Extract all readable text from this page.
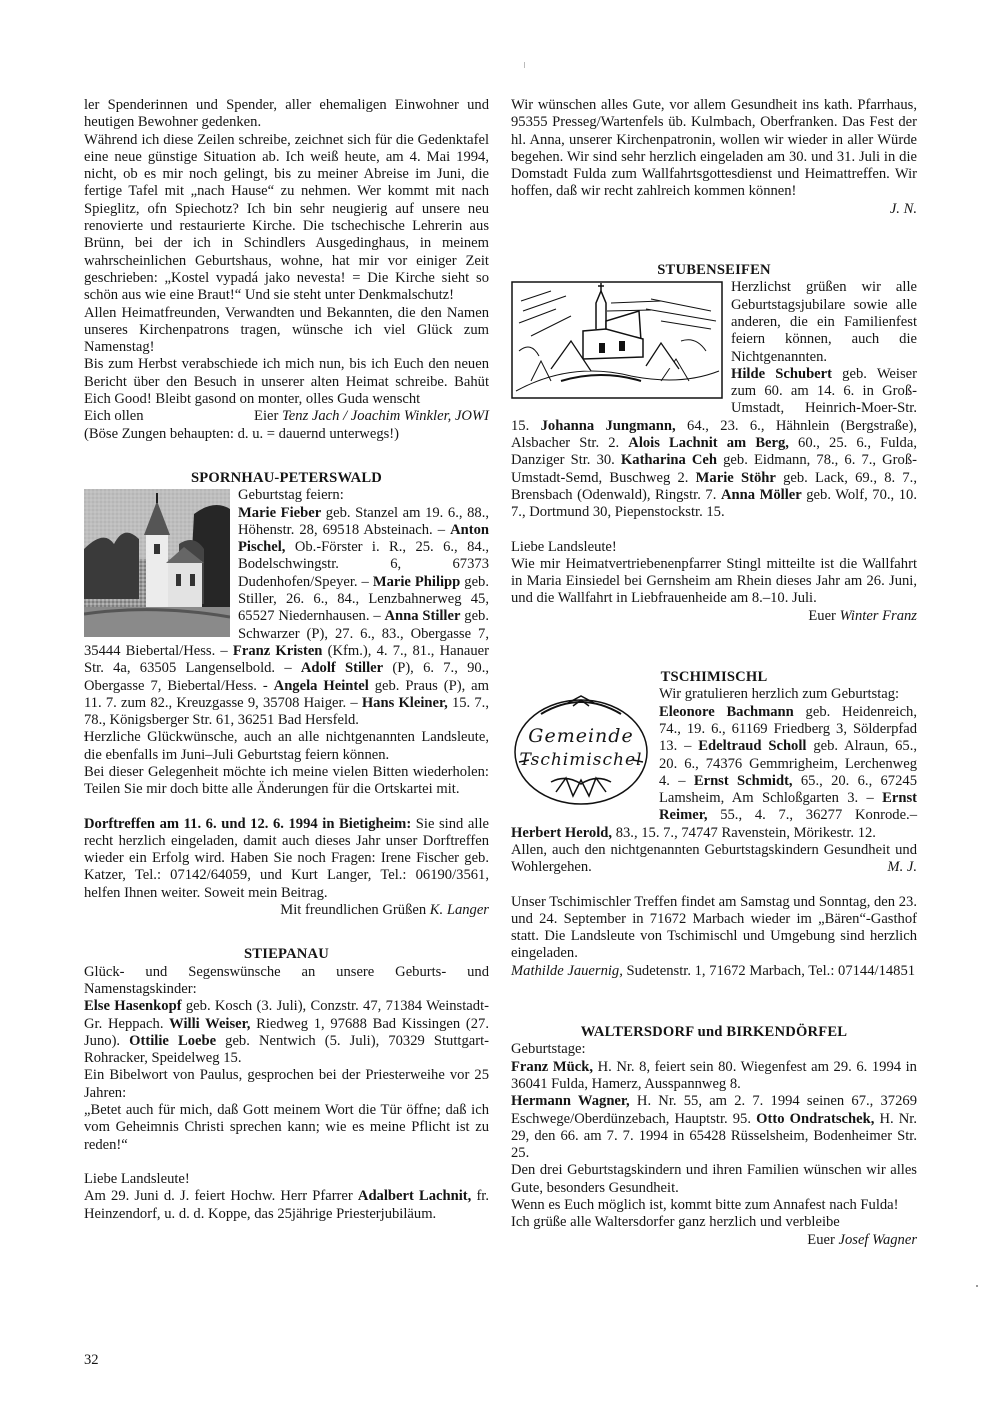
ler Spenderinnen und Spender, aller ehemaligen Einwohner und heutigen Bewohner gedenken.

Während ich diese Zeilen schreibe, zeichnet sich für die Gedenktafel eine neue günstige Situation ab. Ich weiß heute, am 4. Mai 1994, nicht, ob es mir noch gelingt, bis zu meiner Abreise im Juni, die fertige Tafel mit „nach Hause“ zu nehmen. Wer kommt mit nach Spieglitz, ofn Spiechotz? Ich bin sehr neugierig auf unsere neu renovierte und restaurierte Kirche. Die tschechische Lehrerin aus Brünn, bei der ich in Schindlers Ausgedinghaus, in meinem wahrscheinlichen Geburtshaus, wohne, hat mir vor einiger Zeit geschrieben: „Kostel vypadá jako nevesta! = Die Kirche sieht so schön aus wie eine Braut!“ Und sie steht unter Denkmalschutz!

Allen Heimatfreunden, Verwandten und Bekannten, die den Namen unseres Kirchenpatrons tragen, wünsche ich viel Glück zum Namenstag!

Bis zum Herbst verabschiede ich mich nun, bis ich Euch den neuen Bericht über den Besuch in unserer alten Heimat schreibe. Bahüt Eich Good! Bleibt gasond on monter, olles Guda wenscht

Eich ollen	Eier Tenz Jach / Joachim Winkler, JOWI

(Böse Zungen behaupten: d. u. = dauernd unterwegs!)

SPORNHAU-PETERSWALD

Geburtstag feiern:

Marie Fieber geb. Stanzel am 19. 6., 88., Höhenstr. 28, 69518 Absteinach. – Anton Pischel, Ob.-Förster i. R., 25. 6., 84., Bodelschwingstr. 6, 67373 Dudenhofen/Speyer. – Marie Philipp geb. Stiller, 26. 6., 84., Lenzbahnerweg 45, 65527 Niedernhausen. – Anna Stiller geb. Schwarzer (P), 27. 6., 83., Obergasse 7, 35444 Biebertal/Hess. – Franz Kristen (Kfm.), 4. 7., 81., Hanauer Str. 4a, 63505 Langenselbold. – Adolf Stiller (P), 6. 7., 90., Obergasse 7, Biebertal/Hess. - Angela Heintel geb. Praus (P), am 11. 7. zum 82., Kreuzgasse 9, 35708 Haiger. – Hans Kleiner, 15. 7., 78., Königsberger Str. 61, 36251 Bad Hersfeld.

Herzliche Glückwünsche, auch an alle nichtgenannten Landsleute, die ebenfalls im Juni–Juli Geburtstag feiern können.

Bei dieser Gelegenheit möchte ich meine vielen Bitten wiederholen: Teilen Sie mir doch bitte alle Änderungen für die Ortskartei mit.

Dorftreffen am 11. 6. und 12. 6. 1994 in Bietigheim: Sie sind alle recht herzlich eingeladen, damit auch dieses Jahr unser Dorftreffen wieder ein Erfolg wird. Haben Sie noch Fragen: Irene Fischer geb. Katzer, Tel.: 07142/64059, und Kurt Langer, Tel.: 06190/3561, helfen Ihnen weiter. Soweit mein Beitrag.

Mit freundlichen Grüßen K. Langer

STIEPANAU

Glück- und Segenswünsche an unsere Geburts- und Namenstagskinder:

Else Hasenkopf geb. Kosch (3. Juli), Conzstr. 47, 71384 Weinstadt-Gr. Heppach. Willi Weiser, Riedweg 1, 97688 Bad Kissingen (27. Juno). Ottilie Loebe geb. Nentwich (5. Juli), 70329 Stuttgart-Rohracker, Speidelweg 15.

Ein Bibelwort von Paulus, gesprochen bei der Priesterweihe vor 25 Jahren:

„Betet auch für mich, daß Gott meinem Wort die Tür öffne; daß ich vom Geheimnis Christi sprechen kann; wie es meine Pflicht ist zu reden!“

Liebe Landsleute!

Am 29. Juni d. J. feiert Hochw. Herr Pfarrer Adalbert Lachnit, fr. Heinzendorf, u. d. d. Koppe, das 25jährige Priesterjubiläum.

Wir wünschen alles Gute, vor allem Gesundheit ins kath. Pfarrhaus, 95355 Presseg/Wartenfels üb. Kulmbach, Oberfranken. Das Fest der hl. Anna, unserer Kirchenpatronin, wollen wir wieder in aller Würde begehen. Wir sind sehr herzlich eingeladen am 30. und 31. Juli in die Domstadt Fulda zum Wallfahrtsgottesdienst und Heimattreffen. Wir hoffen, daß wir recht zahlreich kommen können!

J. N.

STUBENSEIFEN

Herzlichst grüßen wir alle Geburtstagsjubilare sowie alle anderen, die ein Familienfest feiern können, auch die Nichtgenannten.

Hilde Schubert geb. Weiser zum 60. am 14. 6. in Groß-Umstadt, Heinrich-Moer-Str. 15. Johanna Jungmann, 64., 23. 6., Hähnlein (Bergstraße), Alsbacher Str. 2. Alois Lachnit am Berg, 60., 25. 6., Fulda, Danziger Str. 30. Katharina Ceh geb. Eidmann, 78., 6. 7., Groß-Umstadt-Semd, Buschweg 2. Marie Stöhr geb. Lack, 69., 8. 7., Brensbach (Odenwald), Ringstr. 7. Anna Möller geb. Wolf, 70., 10. 7., Dortmund 30, Piepenstockstr. 15.

Liebe Landsleute!

Wie mir Heimatvertriebenenpfarrer Stingl mitteilte ist die Wallfahrt in Maria Einsiedel bei Gernsheim am Rhein dieses Jahr am 26. Juni, und die Wallfahrt in Liebfrauenheide am 8.–10. Juli.

Euer Winter Franz

TSCHIMISCHL
Gemeinde
Tschimischel

Wir gratulieren herzlich zum Geburtstag:

Eleonore Bachmann geb. Heidenreich, 74., 19. 6., 61169 Friedberg 3, Sölderpfad 13. – Edeltraud Scholl geb. Alraun, 65., 20. 6., 74376 Gemmrigheim, Lerchenweg 4. – Ernst Schmidt, 65., 20. 6., 67245 Lamsheim, Am Schloßgarten 3. – Ernst Reimer, 55., 4. 7., 36277 Konrode.– Herbert Herold, 83., 15. 7., 74747 Ravenstein, Mörikestr. 12.

Allen, auch den nichtgenannten Geburtstagskindern Gesundheit und Wohlergehen.	M. J.

Unser Tschimischler Treffen findet am Samstag und Sonntag, den 23. und 24. September in 71672 Marbach wieder im „Bären“-Gasthof statt. Die Landsleute von Tschimischl und Umgebung sind herzlich eingeladen.

Mathilde Jauernig, Sudetenstr. 1, 71672 Marbach, Tel.: 07144/14851

WALTERSDORF und BIRKENDÖRFEL

Geburtstage:

Franz Mück, H. Nr. 8, feiert sein 80. Wiegenfest am 29. 6. 1994 in 36041 Fulda, Hamerz, Ausspannweg 8.

Hermann Wagner, H. Nr. 55, am 2. 7. 1994 seinen 67., 37269 Eschwege/Oberdünzebach, Hauptstr. 95. Otto Ondratschek, H. Nr. 29, den 66. am 7. 7. 1994 in 65428 Rüsselsheim, Bodenheimer Str. 25.

Den drei Geburtstagskindern und ihren Familien wünschen wir alles Gute, besonders Gesundheit.

Wenn es Euch möglich ist, kommt bitte zum Annafest nach Fulda!

Ich grüße alle Waltersdorfer ganz herzlich und verbleibe

Euer Josef Wagner

32
